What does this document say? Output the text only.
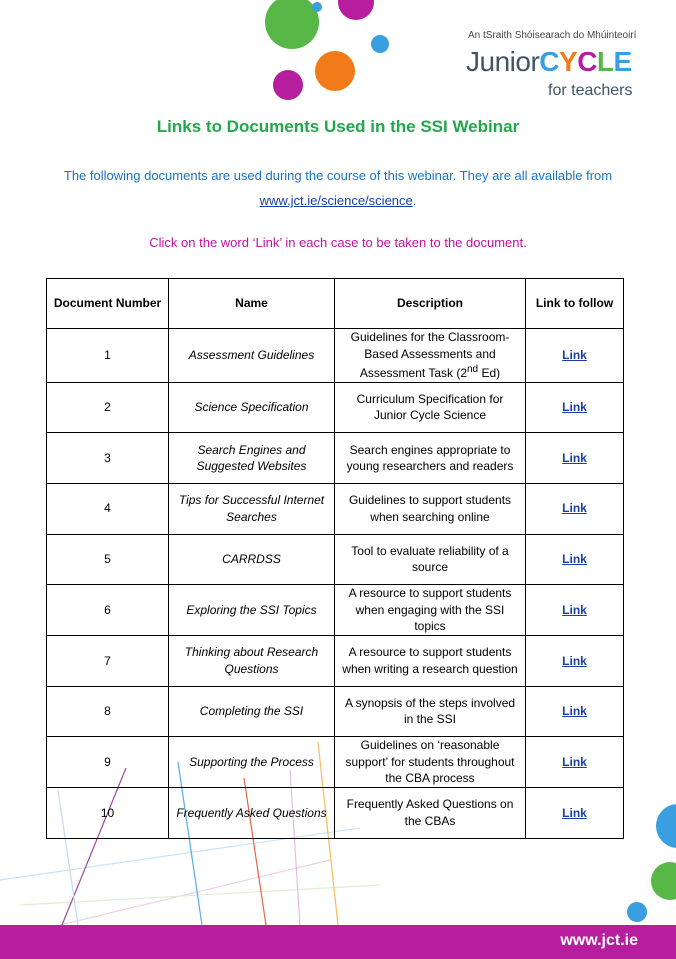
An tSraith Shóisearach do Mhúinteoirí
JuniorCYCLE
for teachers
Links to Documents Used in the SSI Webinar
The following documents are used during the course of this webinar. They are all available from
www.jct.ie/science/science.
Click on the word ‘Link’ in each case to be taken to the document.
Document Number	Name	Description	Link to follow
1	Assessment Guidelines	Guidelines for the Classroom-Based Assessments and Assessment Task (2nd Ed)	Link
2	Science Specification	Curriculum Specification for Junior Cycle Science	Link
3	Search Engines and Suggested Websites	Search engines appropriate to young researchers and readers	Link
4	Tips for Successful Internet Searches	Guidelines to support students when searching online	Link
5	CARRDSS	Tool to evaluate reliability of a source	Link
6	Exploring the SSI Topics	A resource to support students when engaging with the SSI topics	Link
7	Thinking about Research Questions	A resource to support students when writing a research question	Link
8	Completing the SSI	A synopsis of the steps involved in the SSI	Link
9	Supporting the Process	Guidelines on ‘reasonable support’ for students throughout the CBA process	Link
10	Frequently Asked Questions	Frequently Asked Questions on the CBAs	Link
www.jct.ie
